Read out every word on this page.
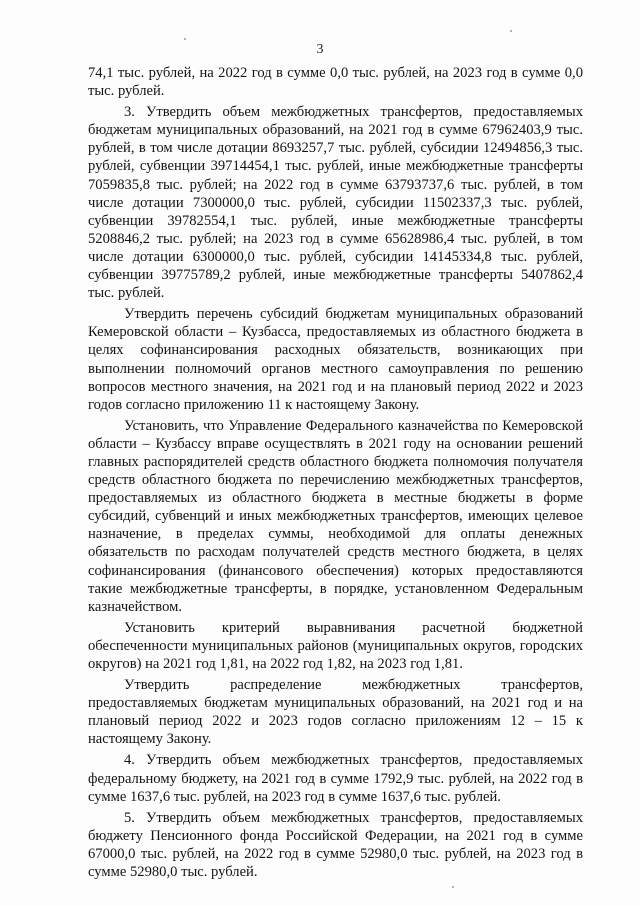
3

74,1 тыс. рублей, на 2022 год в сумме 0,0 тыс. рублей, на 2023 год в сумме 0,0 тыс. рублей.

3. Утвердить объем межбюджетных трансфертов, предоставляемых бюджетам муниципальных образований, на 2021 год в сумме 67962403,9 тыс. рублей, в том числе дотации 8693257,7 тыс. рублей, субсидии 12494856,3 тыс. рублей, субвенции 39714454,1 тыс. рублей, иные межбюджетные трансферты 7059835,8 тыс. рублей; на 2022 год в сумме 63793737,6 тыс. рублей, в том числе дотации 7300000,0 тыс. рублей, субсидии 11502337,3 тыс. рублей, субвенции 39782554,1 тыс. рублей, иные межбюджетные трансферты 5208846,2 тыс. рублей; на 2023 год в сумме 65628986,4 тыс. рублей, в том числе дотации 6300000,0 тыс. рублей, субсидии 14145334,8 тыс. рублей, субвенции 39775789,2 рублей, иные межбюджетные трансферты 5407862,4 тыс. рублей.

Утвердить перечень субсидий бюджетам муниципальных образований Кемеровской области – Кузбасса, предоставляемых из областного бюджета в целях софинансирования расходных обязательств, возникающих при выполнении полномочий органов местного самоуправления по решению вопросов местного значения, на 2021 год и на плановый период 2022 и 2023 годов согласно приложению 11 к настоящему Закону.

Установить, что Управление Федерального казначейства по Кемеровской области – Кузбассу вправе осуществлять в 2021 году на основании решений главных распорядителей средств областного бюджета полномочия получателя средств областного бюджета по перечислению межбюджетных трансфертов, предоставляемых из областного бюджета в местные бюджеты в форме субсидий, субвенций и иных межбюджетных трансфертов, имеющих целевое назначение, в пределах суммы, необходимой для оплаты денежных обязательств по расходам получателей средств местного бюджета, в целях софинансирования (финансового обеспечения) которых предоставляются такие межбюджетные трансферты, в порядке, установленном Федеральным казначейством.

Установить критерий выравнивания расчетной бюджетной обеспеченности муниципальных районов (муниципальных округов, городских округов) на 2021 год 1,81, на 2022 год 1,82, на 2023 год 1,81.

Утвердить распределение межбюджетных трансфертов, предоставляемых бюджетам муниципальных образований, на 2021 год и на плановый период 2022 и 2023 годов согласно приложениям 12 – 15 к настоящему Закону.

4. Утвердить объем межбюджетных трансфертов, предоставляемых федеральному бюджету, на 2021 год в сумме 1792,9 тыс. рублей, на 2022 год в сумме 1637,6 тыс. рублей, на 2023 год в сумме 1637,6 тыс. рублей.

5. Утвердить объем межбюджетных трансфертов, предоставляемых бюджету Пенсионного фонда Российской Федерации, на 2021 год в сумме 67000,0 тыс. рублей, на 2022 год в сумме 52980,0 тыс. рублей, на 2023 год в сумме 52980,0 тыс. рублей.
